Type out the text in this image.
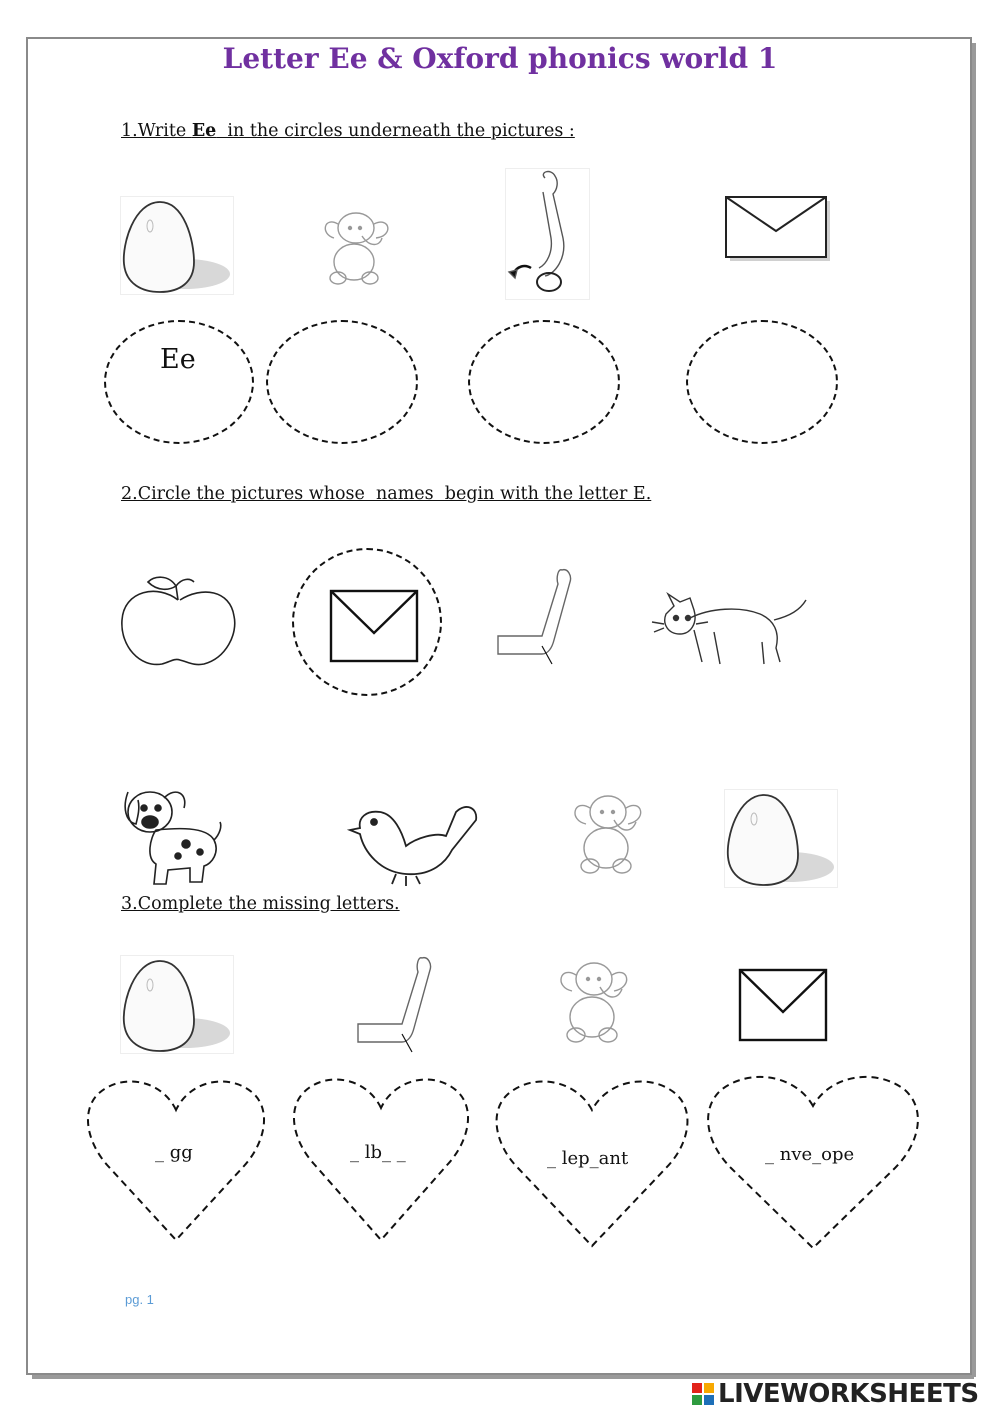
Letter Ee & Oxford phonics world 1
1.Write Ee  in the circles underneath the pictures :
Ee
2.Circle the pictures whose  names  begin with the letter E.
3.Complete the missing letters.
_ gg	_ lb_ _	_ lep_ant	_ nve_ope
pg. 1
LIVEWORKSHEETS
